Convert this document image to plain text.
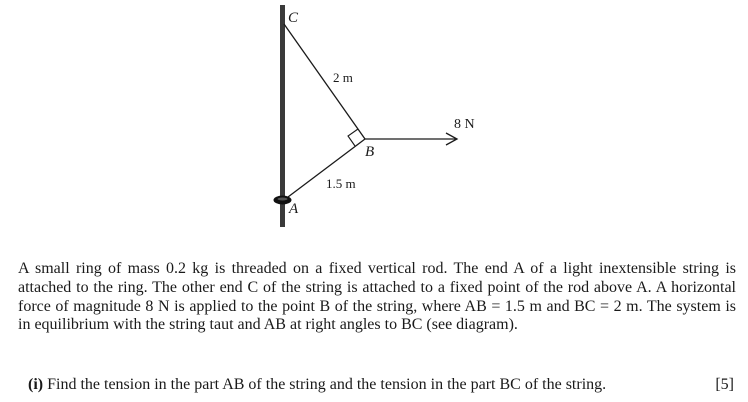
C
2 m
8 N
B
1.5 m
A

A small ring of mass 0.2 kg is threaded on a fixed vertical rod. The end A of a light inextensible string is attached to the ring. The other end C of the string is attached to a fixed point of the rod above A. A horizontal force of magnitude 8 N is applied to the point B of the string, where AB = 1.5 m and BC = 2 m. The system is in equilibrium with the string taut and AB at right angles to BC (see diagram).

(i) Find the tension in the part AB of the string and the tension in the part BC of the string.	[5]
